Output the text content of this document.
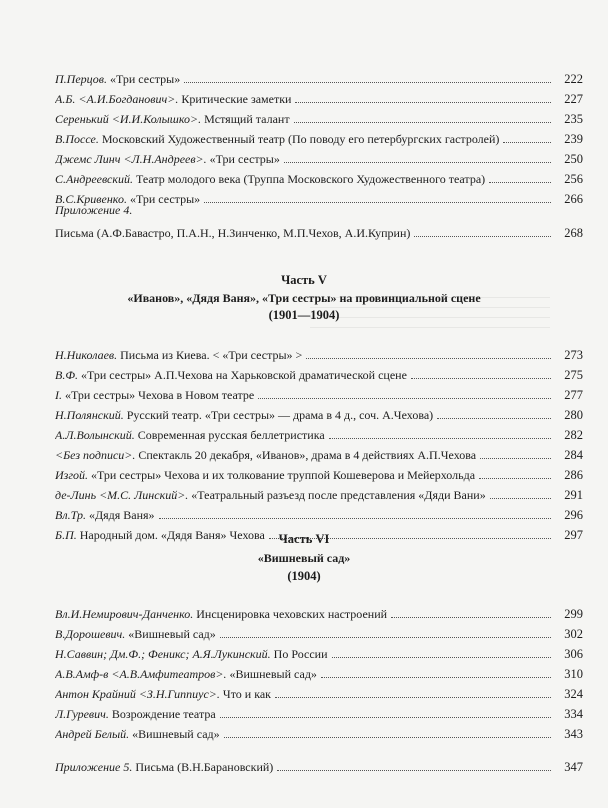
П.Перцов. «Три сестры»	222
А.Б. <А.И.Богданович>. Критические заметки	227
Серенький <И.И.Колышко>. Мстящий талант	235
В.Поссе. Московский Художественный театр (По поводу его петербургских гастролей)	239
Джемс Линч <Л.Н.Андреев>. «Три сестры»	250
С.Андреевский. Театр молодого века (Труппа Московского Художественного театра)	256
В.С.Кривенко. «Три сестры»	266
Приложение 4.
Письма (А.Ф.Бавастро, П.А.Н., Н.Зинченко, М.П.Чехов, А.И.Куприн)	268
Часть V
«Иванов», «Дядя Ваня», «Три сестры» на провинциальной сцене
(1901—1904)
Н.Николаев. Письма из Киева. < «Три сестры» >	273
В.Ф. «Три сестры» А.П.Чехова на Харьковской драматической сцене	275
I. «Три сестры» Чехова в Новом театре	277
Н.Полянский. Русский театр. «Три сестры» — драма в 4 д., соч. А.Чехова)	280
А.Л.Волынский. Современная русская беллетристика	282
<Без подписи>. Спектакль 20 декабря, «Иванов», драма в 4 действиях А.П.Чехова	284
Изгой. «Три сестры» Чехова и их толкование труппой Кошеверова и Мейерхольда	286
де-Линь <М.С. Линский>. «Театральный разъезд после представления «Дяди Вани»	291
Вл.Тр. «Дядя Ваня»	296
Б.П. Народный дом. «Дядя Ваня» Чехова	297
Часть VI
«Вишневый сад»
(1904)
Вл.И.Немирович-Данченко. Инсценировка чеховских настроений	299
В.Дорошевич. «Вишневый сад»	302
Н.Саввин; Дм.Ф.; Феникс; А.Я.Лукинский. По России	306
А.В.Амф-в <А.В.Амфитеатров>. «Вишневый сад»	310
Антон Крайний <З.Н.Гиппиус>. Что и как	324
Л.Гуревич. Возрождение театра	334
Андрей Белый. «Вишневый сад»	343
Приложение 5. Письма (В.Н.Барановский)	347
